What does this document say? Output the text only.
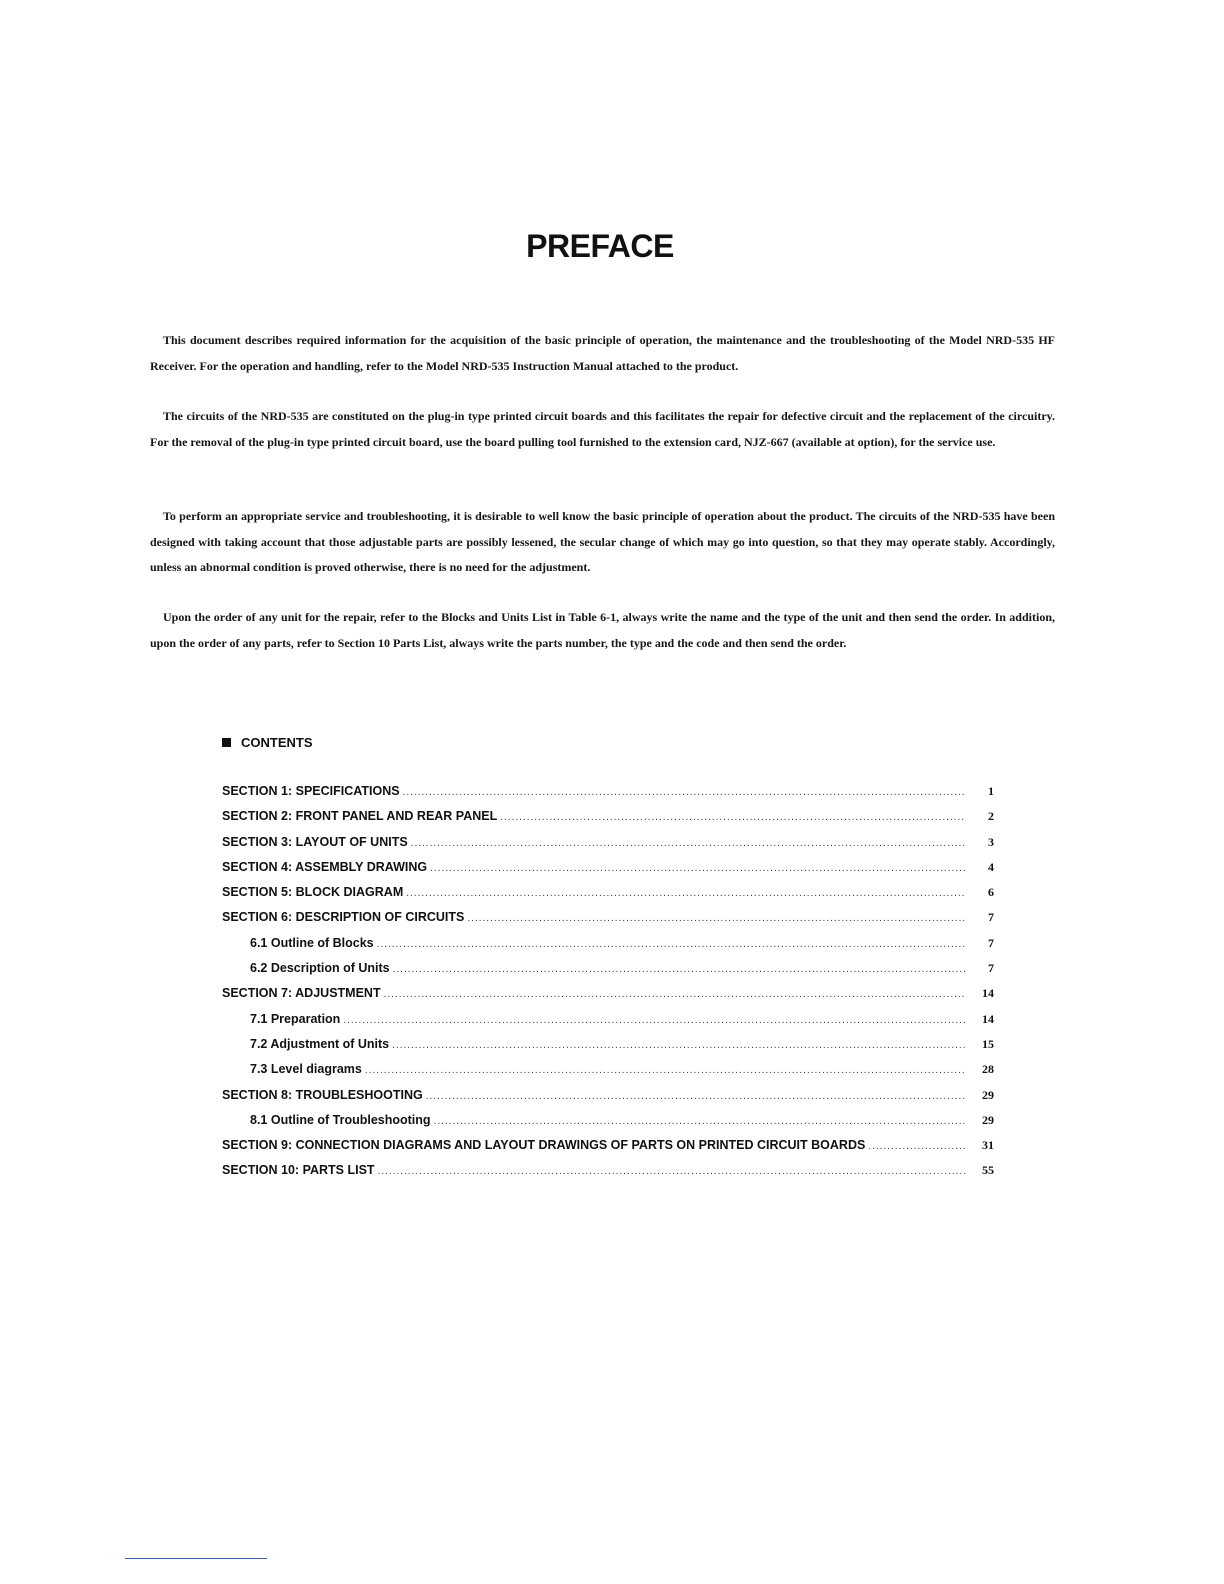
PREFACE

This document describes required information for the acquisition of the basic principle of operation, the maintenance and the troubleshooting of the Model NRD-535 HF Receiver. For the operation and handling, refer to the Model NRD-535 Instruction Manual attached to the product.

The circuits of the NRD-535 are constituted on the plug-in type printed circuit boards and this facilitates the repair for defective circuit and the replacement of the circuitry. For the removal of the plug-in type printed circuit board, use the board pulling tool furnished to the extension card, NJZ-667 (available at option), for the service use.

To perform an appropriate service and troubleshooting, it is desirable to well know the basic principle of operation about the product. The circuits of the NRD-535 have been designed with taking account that those adjustable parts are possibly lessened, the secular change of which may go into question, so that they may operate stably. Accordingly, unless an abnormal condition is proved otherwise, there is no need for the adjustment.

Upon the order of any unit for the repair, refer to the Blocks and Units List in Table 6-1, always write the name and the type of the unit and then send the order. In addition, upon the order of any parts, refer to Section 10 Parts List, always write the parts number, the type and the code and then send the order.

CONTENTS
SECTION 1: SPECIFICATIONS .....	1
SECTION 2: FRONT PANEL AND REAR PANEL .....	2
SECTION 3: LAYOUT OF UNITS .....	3
SECTION 4: ASSEMBLY DRAWING .....	4
SECTION 5: BLOCK DIAGRAM .....	6
SECTION 6: DESCRIPTION OF CIRCUITS .....	7
6.1 Outline of Blocks .....	7
6.2 Description of Units .....	7
SECTION 7: ADJUSTMENT .....	14
7.1 Preparation .....	14
7.2 Adjustment of Units .....	15
7.3 Level diagrams .....	28
SECTION 8: TROUBLESHOOTING .....	29
8.1 Outline of Troubleshooting .....	29
SECTION 9: CONNECTION DIAGRAMS AND LAYOUT DRAWINGS OF PARTS ON PRINTED CIRCUIT BOARDS .....	31
SECTION 10: PARTS LIST .....	55
